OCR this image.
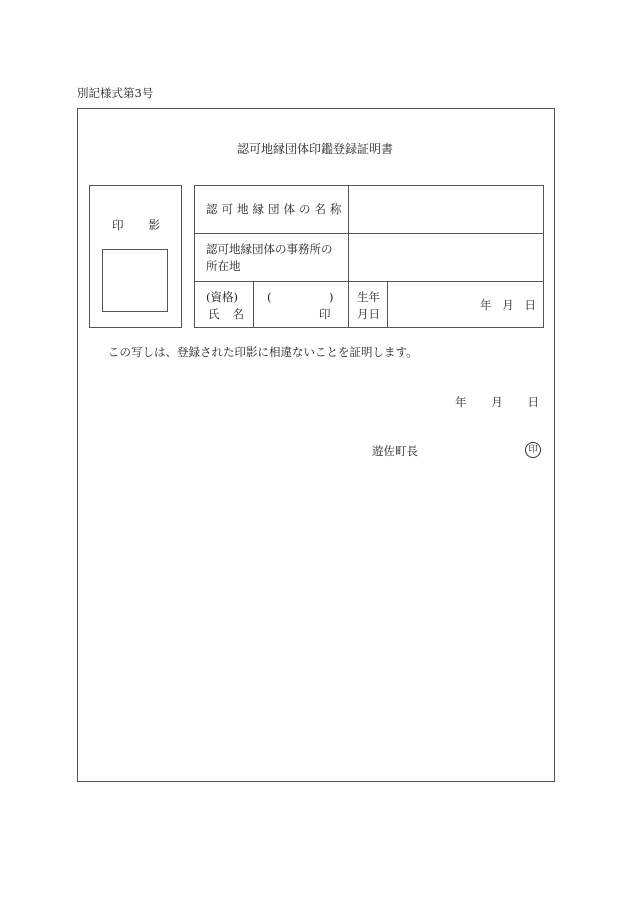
別記様式第3号
認可地縁団体印鑑登録証明書
印 影
認可地縁団体の名称
認可地縁団体の事務所の
所在地
(資格)
氏 名
(	)
印
生年
月日
年 月 日
この写しは、登録された印影に相違ないことを証明します。
年 月 日
遊佐町長	印
